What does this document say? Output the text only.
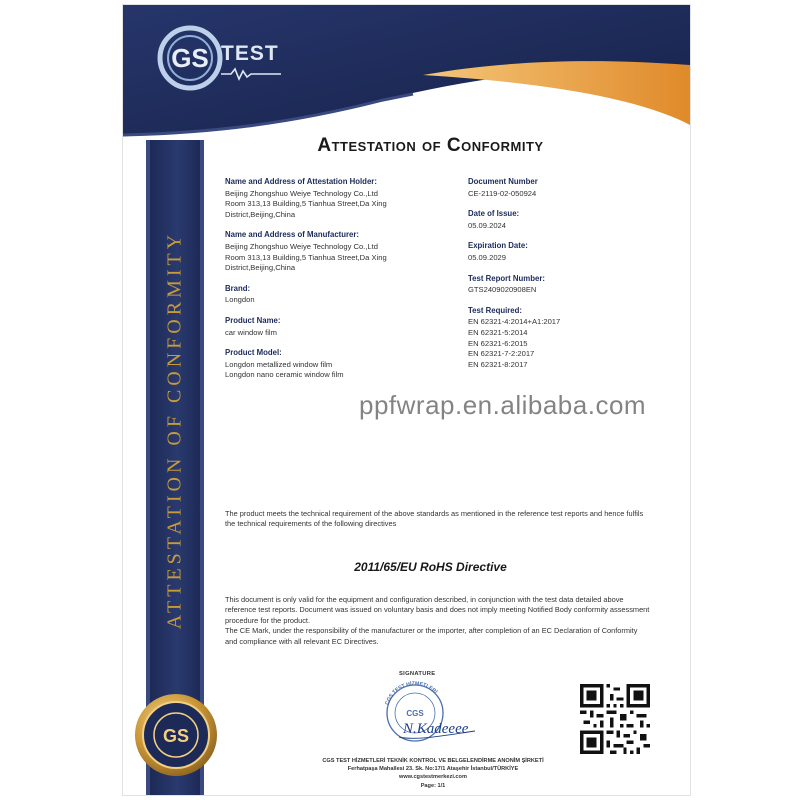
GS TEST
ATTESTATION OF CONFORMITY
GS
Attestation of Conformity
Name and Address of Attestation Holder:
Beijing Zhongshuo Weiye Technology Co.,Ltd
Room 313,13 Building,5 Tianhua Street,Da Xing
District,Beijing,China
Name and Address of Manufacturer:
Beijing Zhongshuo Weiye Technology Co.,Ltd
Room 313,13 Building,5 Tianhua Street,Da Xing
District,Beijing,China
Brand:
Longdon
Product Name:
car window film
Product Model:
Longdon metallized window film
Longdon nano ceramic window film
Document Number
CE-2119-02-050924
Date of Issue:
05.09.2024
Expiration Date:
05.09.2029
Test Report Number:
GTS2409020908EN
Test Required:
EN 62321-4:2014+A1:2017
EN 62321-5:2014
EN 62321-6:2015
EN 62321-7-2:2017
EN 62321-8:2017
ppfwrap.en.alibaba.com
The product meets the technical requirement of the above standards as mentioned in the reference test reports and hence fulfils the technical requirements of the following directives
2011/65/EU RoHS Directive

This document is only valid for the equipment and configuration described, in conjunction with the test data detailed above reference test reports. Document was issued on voluntary basis and does not imply meeting Notified Body conformity assessment procedure for the product.

The CE Mark, under the responsibility of the manufacturer or the importer, after completion of an EC Declaration of Conformity and compliance with all relevant EC Directives.

SIGNATURE
CGS TEST HİZMETLERİ
CGS
N.Kadeeee
CGS TEST HİZMETLERİ TEKNİK KONTROL VE BELGELENDİRME ANONİM ŞİRKETİ
Ferhatpaşa Mahallesi 23. Sk. No:17/1 Ataşehir İstanbul/TÜRKİYE
www.cgstestmerkezi.com
Page: 1/1
